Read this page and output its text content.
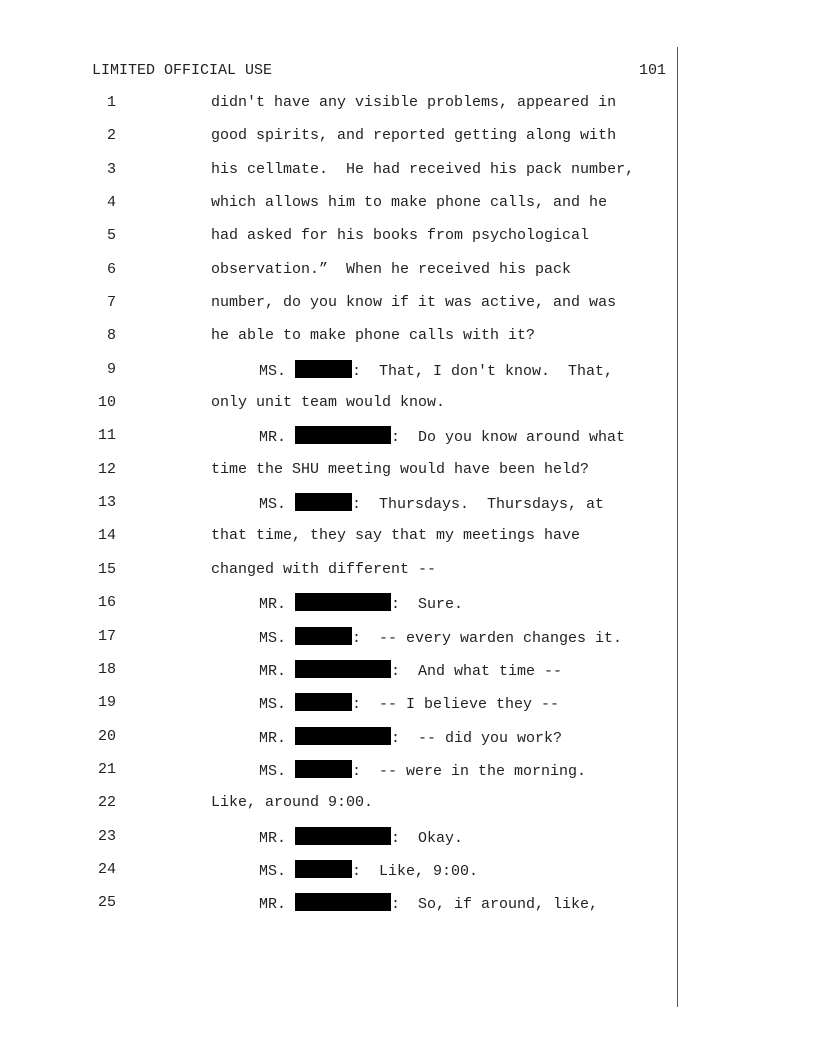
LIMITED OFFICIAL USE	101
1	didn't have any visible problems, appeared in
2	good spirits, and reported getting along with
3	his cellmate.  He had received his pack number,
4	which allows him to make phone calls, and he
5	had asked for his books from psychological
6	observation.”  When he received his pack
7	number, do you know if it was active, and was
8	he able to make phone calls with it?
9	MS.	:  That, I don't know.  That,
10	only unit team would know.
11	MR.	:  Do you know around what
12	time the SHU meeting would have been held?
13	MS.	:  Thursdays.  Thursdays, at
14	that time, they say that my meetings have
15	changed with different --
16	MR.	:  Sure.
17	MS.	:  -- every warden changes it.
18	MR.	:  And what time --
19	MS.	:  -- I believe they --
20	MR.	:  -- did you work?
21	MS.	:  -- were in the morning.
22	Like, around 9:00.
23	MR.	:  Okay.
24	MS.	:  Like, 9:00.
25	MR.	:  So, if around, like,
